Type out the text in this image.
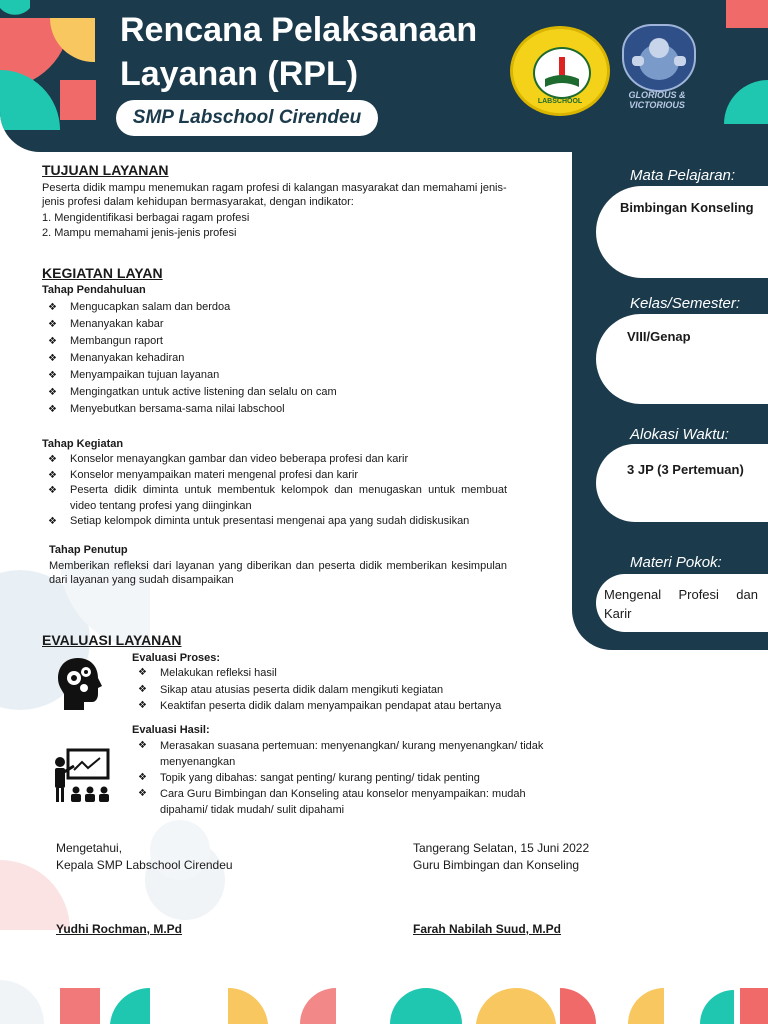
Rencana Pelaksanaan
Layanan (RPL)
SMP Labschool Cirendeu
LABSCHOOL
GLORIOUS &
VICTORIOUS
Mata Pelajaran:
Bimbingan Konseling
Kelas/Semester:
VIII/Genap
Alokasi Waktu:
3 JP (3 Pertemuan)
Materi Pokok:
Mengenal Profesi dan Karir
TUJUAN LAYANAN
Peserta didik mampu menemukan ragam profesi di kalangan masyarakat dan memahami jenis-jenis profesi dalam kehidupan bermasyarakat, dengan indikator:
1. Mengidentifikasi berbagai ragam profesi
2. Mampu memahami jenis-jenis profesi
KEGIATAN LAYAN
Tahap Pendahuluan
❖	Mengucapkan salam dan berdoa
❖	Menanyakan kabar
❖	Membangun raport
❖	Menanyakan kehadiran
❖	Menyampaikan tujuan layanan
❖	Mengingatkan untuk active listening dan selalu on cam
❖	Menyebutkan bersama-sama nilai labschool
Tahap Kegiatan
❖	Konselor menayangkan gambar dan video beberapa profesi dan karir
❖	Konselor menyampaikan materi mengenal profesi dan karir
❖	Peserta didik diminta untuk membentuk kelompok dan menugaskan untuk membuat video tentang profesi yang diinginkan
❖	Setiap kelompok diminta untuk presentasi mengenai apa yang sudah didiskusikan
Tahap Penutup
Memberikan refleksi dari layanan yang diberikan dan peserta didik memberikan kesimpulan dari layanan yang sudah disampaikan
EVALUASI LAYANAN
Evaluasi Proses:
❖	Melakukan refleksi hasil
❖	Sikap atau atusias peserta didik dalam mengikuti kegiatan
❖	Keaktifan peserta didik dalam menyampaikan pendapat atau bertanya
Evaluasi Hasil:
❖	Merasakan suasana pertemuan: menyenangkan/ kurang menyenangkan/ tidak menyenangkan
❖	Topik yang dibahas: sangat penting/ kurang penting/ tidak penting
❖	Cara Guru Bimbingan dan Konseling atau konselor menyampaikan: mudah dipahami/ tidak mudah/ sulit dipahami
Mengetahui,
Kepala SMP Labschool Cirendeu
Yudhi Rochman, M.Pd
Tangerang Selatan, 15 Juni 2022
Guru Bimbingan dan Konseling
Farah Nabilah Suud, M.Pd
